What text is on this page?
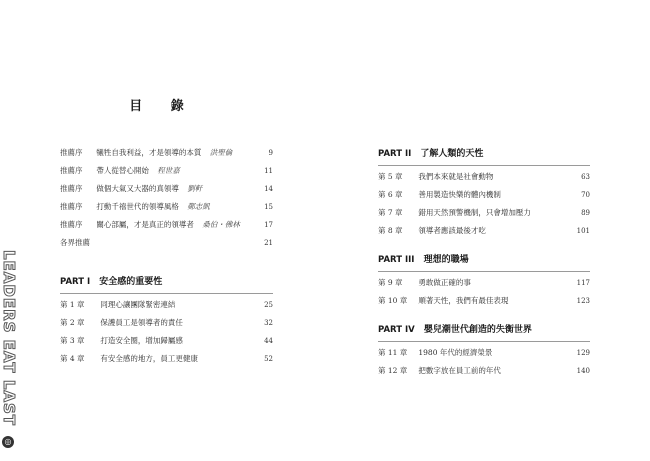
目 錄
LEADERS EAT LAST
◎
推薦序 犧牲自我利益，才是領導的本質 洪聖倫	9
推薦序 帶人從替心開始 程世嘉	11
推薦序 做個大氣又大器的真領導 劉軒	14
推薦序 打動千禧世代的領導風格 鄭志凱	15
推薦序 關心部屬，才是真正的領導者 桑伯・佛林	17
各界推薦	21
PART I 安全感的重要性
第 1 章 同理心讓團隊緊密連結	25
第 2 章 保護員工是領導者的責任	32
第 3 章 打造安全圈，增加歸屬感	44
第 4 章 有安全感的地方，員工更健康	52
PART II 了解人類的天性
第 5 章 我們本來就是社會動物	63
第 6 章 善用製造快樂的體內機制	70
第 7 章 錯用天然預警機制，只會增加壓力	89
第 8 章 領導者應該最後才吃	101
PART III 理想的職場
第 9 章 勇敢做正確的事	117
第 10 章 順著天性，我們有最佳表現	123
PART IV 嬰兒潮世代創造的失衡世界
第 11 章 1980 年代的經濟榮景	129
第 12 章 把數字放在員工前的年代	140
